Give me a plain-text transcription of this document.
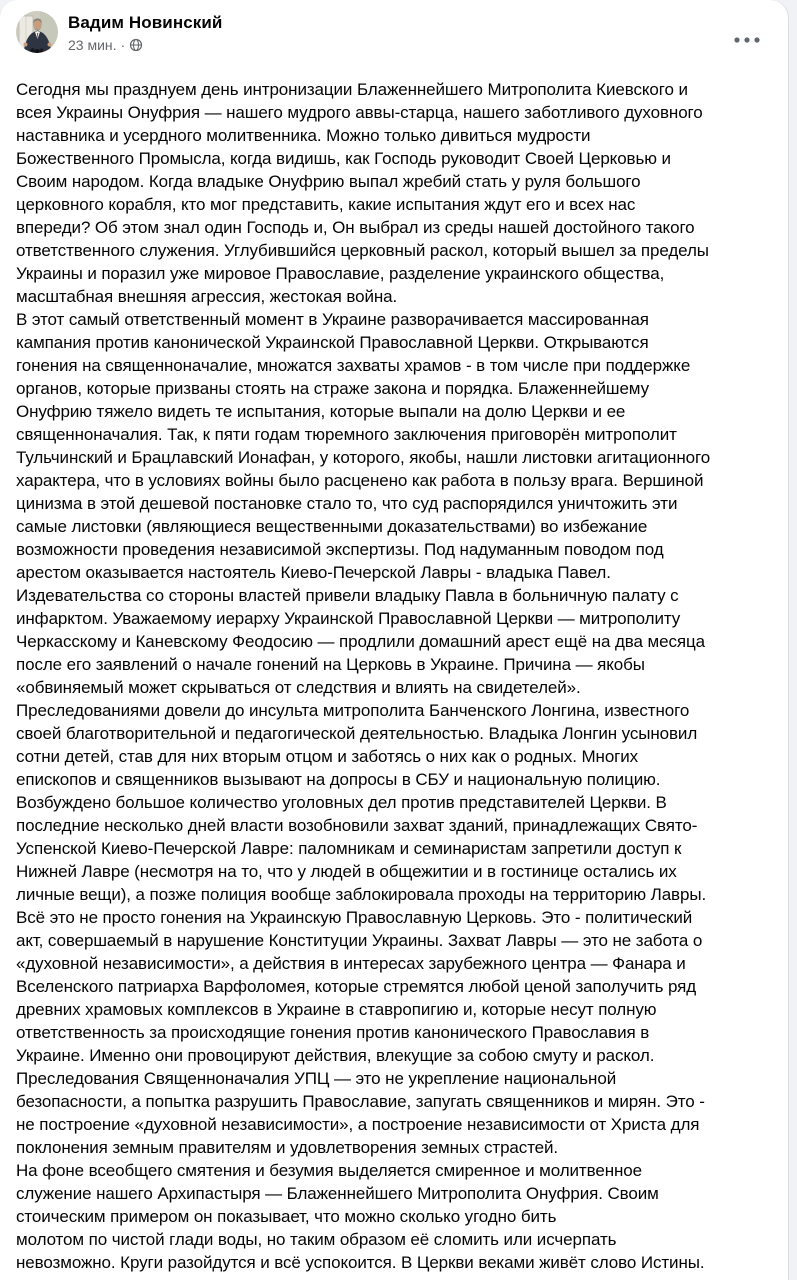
Вадим Новинский
23 мин. ·
Сегодня мы празднуем день интронизации Блаженнейшего Митрополита Киевского и
всея Украины Онуфрия — нашего мудрого аввы-старца, нашего заботливого духовного
наставника и усердного молитвенника. Можно только дивиться мудрости
Божественного Промысла, когда видишь, как Господь руководит Своей Церковью и
Своим народом. Когда владыке Онуфрию выпал жребий стать у руля большого
церковного корабля, кто мог представить, какие испытания ждут его и всех нас
впереди? Об этом знал один Господь и, Он выбрал из среды нашей достойного такого
ответственного служения. Углубившийся церковный раскол, который вышел за пределы
Украины и поразил уже мировое Православие, разделение украинского общества,
масштабная внешняя агрессия, жестокая война.
В этот самый ответственный момент в Украине разворачивается массированная
кампания против канонической Украинской Православной Церкви. Открываются
гонения на священноначалие, множатся захваты храмов - в том числе при поддержке
органов, которые призваны стоять на страже закона и порядка. Блаженнейшему
Онуфрию тяжело видеть те испытания, которые выпали на долю Церкви и ее
священноначалия. Так, к пяти годам тюремного заключения приговорён митрополит
Тульчинский и Брацлавский Ионафан, у которого, якобы, нашли листовки агитационного
характера, что в условиях войны было расценено как работа в пользу врага. Вершиной
цинизма в этой дешевой постановке стало то, что суд распорядился уничтожить эти
самые листовки (являющиеся вещественными доказательствами) во избежание
возможности проведения независимой экспертизы. Под надуманным поводом под
арестом оказывается настоятель Киево-Печерской Лавры - владыка Павел.
Издевательства со стороны властей привели владыку Павла в больничную палату с
инфарктом. Уважаемому иерарху Украинской Православной Церкви — митрополиту
Черкасскому и Каневскому Феодосию — продлили домашний арест ещё на два месяца
после его заявлений о начале гонений на Церковь в Украине. Причина — якобы
«обвиняемый может скрываться от следствия и влиять на свидетелей».
Преследованиями довели до инсульта митрополита Банченского Лонгина, известного
своей благотворительной и педагогической деятельностью. Владыка Лонгин усыновил
сотни детей, став для них вторым отцом и заботясь о них как о родных. Многих
епископов и священников вызывают на допросы в СБУ и национальную полицию.
Возбуждено большое количество уголовных дел против представителей Церкви. В
последние несколько дней власти возобновили захват зданий, принадлежащих Свято-
Успенской Киево-Печерской Лавре: паломникам и семинаристам запретили доступ к
Нижней Лавре (несмотря на то, что у людей в общежитии и в гостинице остались их
личные вещи), а позже полиция вообще заблокировала проходы на территорию Лавры.
Всё это не просто гонения на Украинскую Православную Церковь. Это - политический
акт, совершаемый в нарушение Конституции Украины. Захват Лавры — это не забота о
«духовной независимости», а действия в интересах зарубежного центра — Фанара и
Вселенского патриарха Варфоломея, которые стремятся любой ценой заполучить ряд
древних храмовых комплексов в Украине в ставропигию и, которые несут полную
ответственность за происходящие гонения против канонического Православия в
Украине. Именно они провоцируют действия, влекущие за собою смуту и раскол.
Преследования Священноначалия УПЦ — это не укрепление национальной
безопасности, а попытка разрушить Православие, запугать священников и мирян. Это -
не построение «духовной независимости», а построение независимости от Христа для
поклонения земным правителям и удовлетворения земных страстей.
На фоне всеобщего смятения и безумия выделяется смиренное и молитвенное
служение нашего Архипастыря — Блаженнейшего Митрополита Онуфрия. Своим
стоическим примером он показывает, что можно сколько угодно бить
молотом по чистой глади воды, но таким образом её сломить или исчерпать
невозможно. Круги разойдутся и всё успокоится. В Церкви веками живёт слово Истины.
